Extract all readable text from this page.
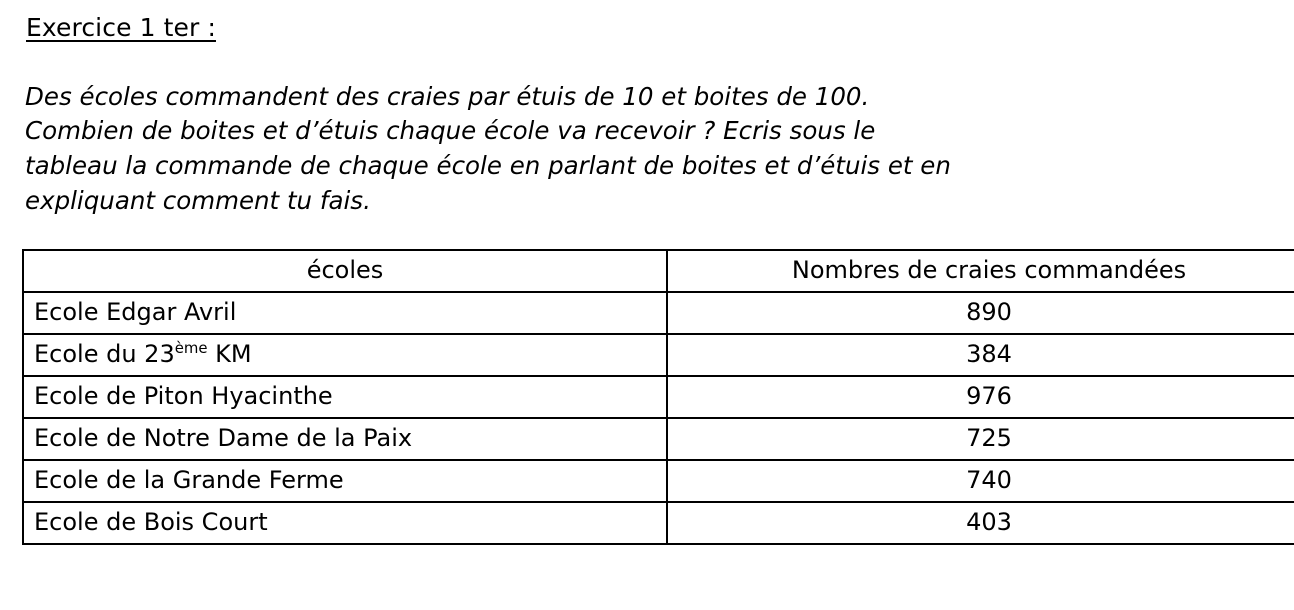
Exercice 1 ter :

Des écoles commandent des craies par étuis de 10 et boites de 100.

Combien de boites et d’étuis chaque école va recevoir ? Ecris sous le

tableau la commande de chaque école en parlant de boites et d’étuis et en

expliquant comment tu fais.

écoles	Nombres de craies commandées
Ecole Edgar Avril	890
Ecole du 23ème KM	384
Ecole de Piton Hyacinthe	976
Ecole de Notre Dame de la Paix	725
Ecole de la Grande Ferme	740
Ecole de Bois Court	403
